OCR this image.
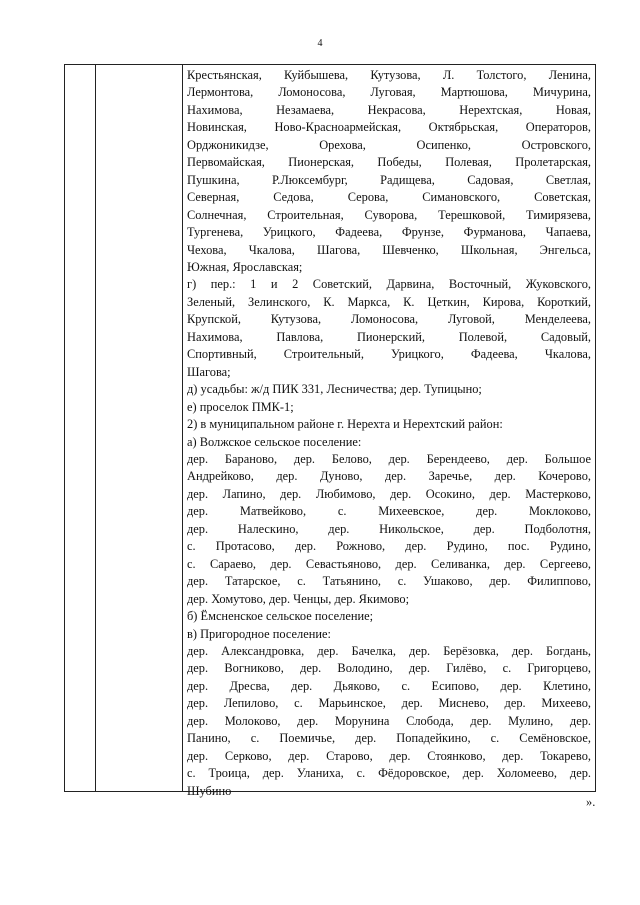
4

Крестьянская, Куйбышева, Кутузова, Л. Толстого, Ленина,

Лермонтова, Ломоносова, Луговая, Мартюшова, Мичурина,

Нахимова, Незамаева, Некрасова, Нерехтская, Новая,

Новинская, Ново-Красноармейская, Октябрьская, Операторов,

Орджоникидзе, Орехова, Осипенко, Островского,

Первомайская, Пионерская, Победы, Полевая, Пролетарская,

Пушкина, Р.Люксембург, Радищева, Садовая, Светлая,

Северная, Седова, Серова, Симановского, Советская,

Солнечная, Строительная, Суворова, Терешковой, Тимирязева,

Тургенева, Урицкого, Фадеева, Фрунзе, Фурманова, Чапаева,

Чехова, Чкалова, Шагова, Шевченко, Школьная, Энгельса,

Южная, Ярославская;

г) пер.: 1 и 2 Советский, Дарвина, Восточный, Жуковского,

Зеленый, Зелинского, К. Маркса, К. Цеткин, Кирова, Короткий,

Крупской, Кутузова, Ломоносова, Луговой, Менделеева,

Нахимова, Павлова, Пионерский, Полевой, Садовый,

Спортивный, Строительный, Урицкого, Фадеева, Чкалова,

Шагова;

д) усадьбы: ж/д ПИК 331, Лесничества; дер. Тупицыно;

е) проселок ПМК-1;

2) в муниципальном районе г. Нерехта и Нерехтский район:

а) Волжское сельское поселение:

дер. Бараново, дер. Белово, дер. Берендеево, дер. Большое

Андрейково, дер. Дуново, дер. Заречье, дер. Кочерово,

дер. Лапино, дер. Любимово, дер. Осокино, дер. Мастерково,

дер. Матвейково, с. Михеевское, дер. Моклоково,

дер. Налескино, дер. Никольское, дер. Подболотня,

с. Протасово, дер. Рожново, дер. Рудино, пос. Рудино,

с. Сараево, дер. Севастьяново, дер. Селиванка, дер. Сергеево,

дер. Татарское, с. Татьянино, с. Ушаково, дер. Филиппово,

дер. Хомутово, дер. Ченцы, дер. Якимово;

б) Ёмсненское сельское поселение;

в) Пригородное поселение:

дер. Александровка, дер. Бачелка, дер. Берёзовка, дер. Богдань,

дер. Вогниково, дер. Володино, дер. Гилёво, с. Григорцево,

дер. Дресва, дер. Дьяково, с. Есипово, дер. Клетино,

дер. Лепилово, с. Марьинское, дер. Миснево, дер. Михеево,

дер. Молоково, дер. Морунина Слобода, дер. Мулино, дер.

Панино, с. Поемичье, дер. Попадейкино, с. Семёновское,

дер. Серково, дер. Старово, дер. Стоянково, дер. Токарево,

с. Троица, дер. Уланиха, с. Фёдоровское, дер. Холомеево, дер.

Шубино

».
